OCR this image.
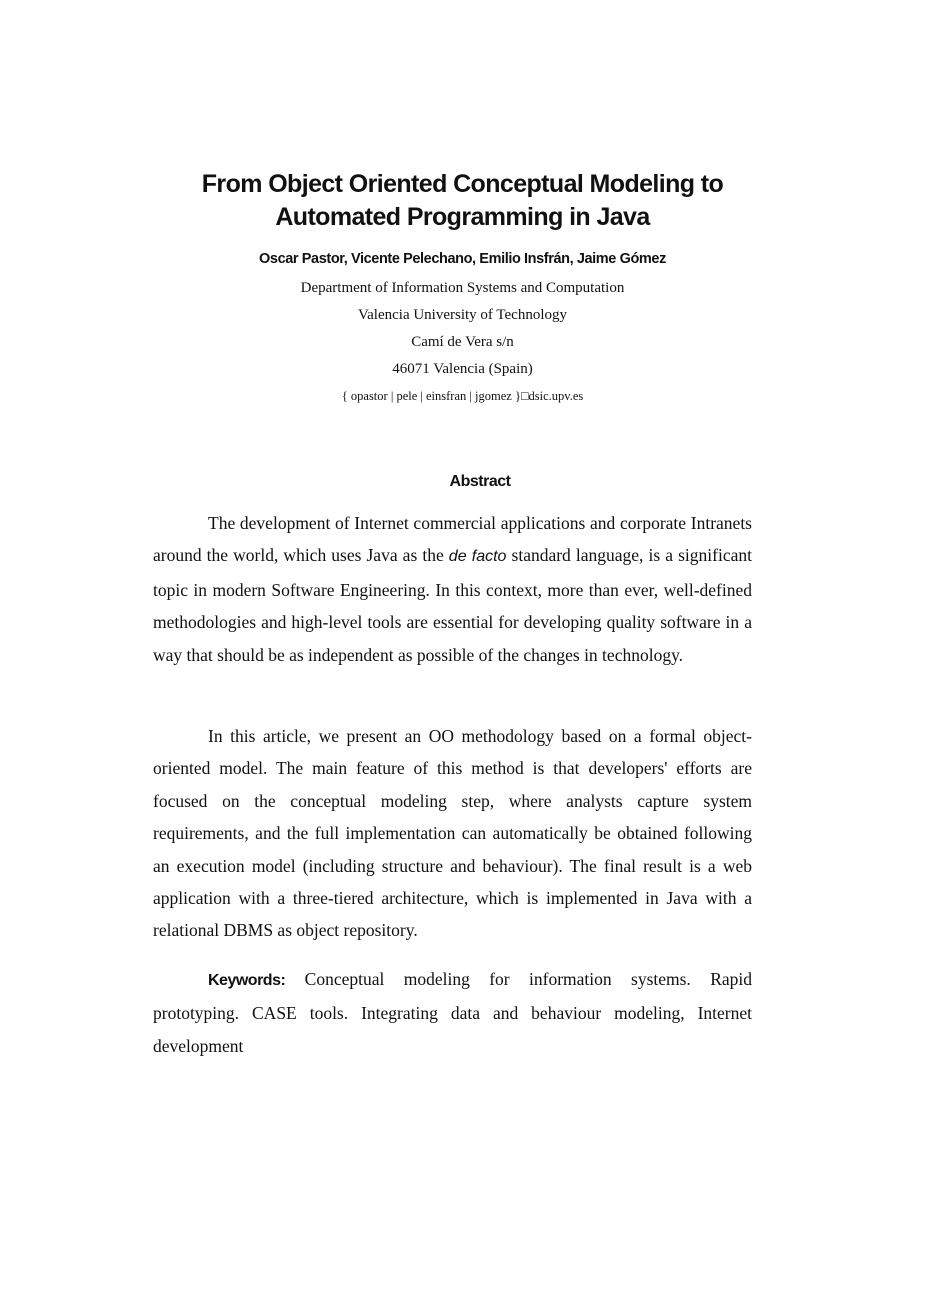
From Object Oriented Conceptual Modeling to
Automated Programming in Java
Oscar Pastor, Vicente Pelechano, Emilio Insfrán, Jaime Gómez
Department of Information Systems and Computation
Valencia University of Technology
Camí de Vera s/n
46071 Valencia (Spain)
{ opastor | pele | einsfran | jgomez }□dsic.upv.es
Abstract

The development of Internet commercial applications and corporate Intranets around the world, which uses Java as the de facto standard language, is a significant topic in modern Software Engineering. In this context, more than ever, well-defined methodologies and high-level tools are essential for developing quality software in a way that should be as independent as possible of the changes in technology.

In this article, we present an OO methodology based on a formal object-oriented model. The main feature of this method is that developers' efforts are focused on the conceptual modeling step, where analysts capture system requirements, and the full implementation can automatically be obtained following an execution model (including structure and behaviour). The final result is a web application with a three-tiered architecture, which is implemented in Java with a relational DBMS as object repository.

Keywords: Conceptual modeling for information systems. Rapid prototyping. CASE tools. Integrating data and behaviour modeling, Internet development
